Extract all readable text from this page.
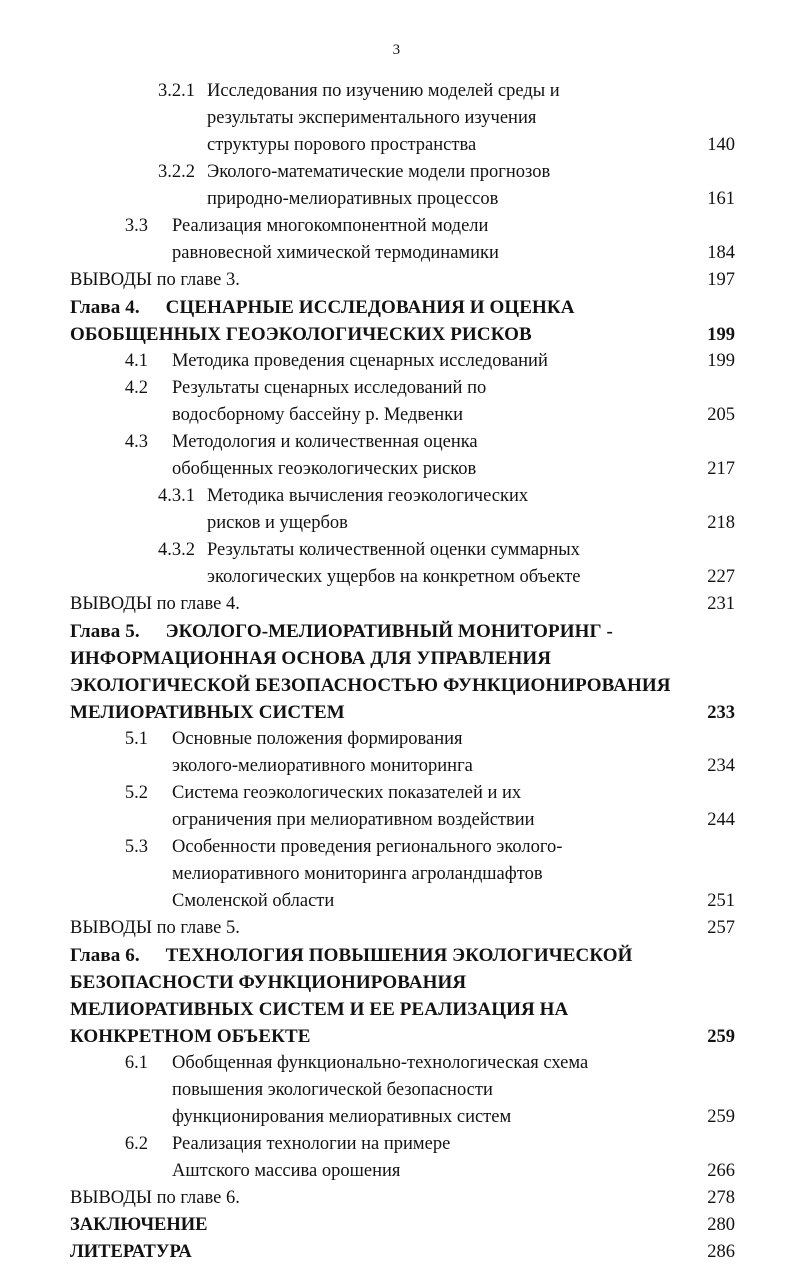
3
3.2.1 Исследования по изучению моделей среды и
результаты экспериментального изучения
структуры порового пространства	140
3.2.2 Эколого-математические модели прогнозов
природно-мелиоративных процессов	161
3.3 Реализация многокомпонентной модели
равновесной химической термодинамики	184
ВЫВОДЫ по главе 3.	197
Глава 4. СЦЕНАРНЫЕ ИССЛЕДОВАНИЯ И ОЦЕНКА
ОБОБЩЕННЫХ ГЕОЭКОЛОГИЧЕСКИХ РИСКОВ	199
4.1 Методика проведения сценарных исследований	199
4.2 Результаты сценарных исследований по
водосборному бассейну р. Медвенки	205
4.3 Методология и количественная оценка
обобщенных геоэкологических рисков	217
4.3.1 Методика вычисления геоэкологических
рисков и ущербов	218
4.3.2 Результаты количественной оценки суммарных
экологических ущербов на конкретном объекте	227
ВЫВОДЫ по главе 4.	231
Глава 5. ЭКОЛОГО-МЕЛИОРАТИВНЫЙ МОНИТОРИНГ -
ИНФОРМАЦИОННАЯ ОСНОВА ДЛЯ УПРАВЛЕНИЯ
ЭКОЛОГИЧЕСКОЙ БЕЗОПАСНОСТЬЮ ФУНКЦИОНИРОВАНИЯ
МЕЛИОРАТИВНЫХ СИСТЕМ	233
5.1 Основные положения формирования
эколого-мелиоративного мониторинга	234
5.2 Система геоэкологических показателей и их
ограничения при мелиоративном воздействии	244
5.3 Особенности проведения регионального эколого-
мелиоративного мониторинга агроландшафтов
Смоленской области	251
ВЫВОДЫ по главе 5.	257
Глава 6. ТЕХНОЛОГИЯ ПОВЫШЕНИЯ ЭКОЛОГИЧЕСКОЙ
БЕЗОПАСНОСТИ ФУНКЦИОНИРОВАНИЯ
МЕЛИОРАТИВНЫХ СИСТЕМ И ЕЕ РЕАЛИЗАЦИЯ НА
КОНКРЕТНОМ ОБЪЕКТЕ	259
6.1 Обобщенная функционально-технологическая схема
повышения экологической безопасности
функционирования мелиоративных систем	259
6.2 Реализация технологии на примере
Аштского массива орошения	266
ВЫВОДЫ по главе 6.	278
ЗАКЛЮЧЕНИЕ	280
ЛИТЕРАТУРА	286
